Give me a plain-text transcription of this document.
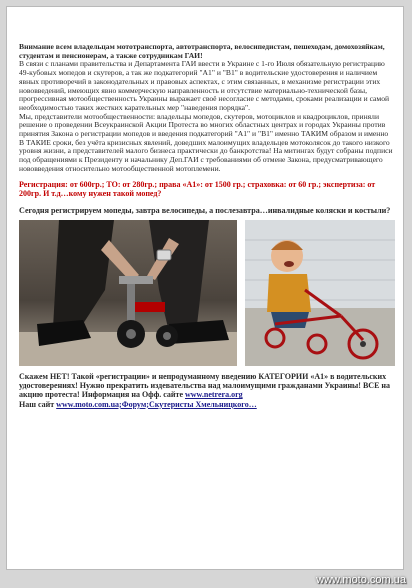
Внимание всем владельцам мототранспорта, автотранспорта, велосипедистам, пешеходам, домохозяйкам, студентам и пенсионерам, а также сотрудникам ГАИ!

В связи с планами правительства и Департамента ГАИ ввести в Украине с 1-го Июля обязательную регистрацию 49-кубовых мопедов и скутеров, а так же подкатегорий "A1" и "B1" в водительские удостоверения и наличием явных противоречий в законодательных и правовых аспектах, с этим связанных, в механизме регистрации этих нововведений, имеющих явно коммерческую направленность и отсутствие материально-технической базы, прогрессивная мотообщественность Украины выражает своё несогласие с методами, сроками реализации и самой необходимостью таких жестких карательных мер "наведения порядка".

Мы, представители мотообщественности: владельцы мопедов, скутеров, мотоциклов и квадроциклов, приняли решение о проведении Всеукраинской Акции Протеста во многих областных центрах и городах Украины против принятия Закона о регистрации мопедов и введения подкатегорий "A1" и "B1" именно ТАКИМ образом и именно В ТАКИЕ сроки, без учёта кризисных явлений, доведших малоимущих владельцев мотоколясок до такого низкого уровня жизни, а представителей малого бизнеса практически до банкротства! На митингах будут собраны подписи под обращениями к Президенту и начальнику Деп.ГАИ с требованиями об отмене Закона, предусматривающего нововведения относительно мотообщественной мотоплемени.

Регистрация: от 600гр.; ТО: от 280гр.; права «A1»: от 1500 гр.; страховка: от 60 гр.; экспертиза: от 200гр. И т.д…кому нужен такой мопед?

Сегодня регистрируем мопеды, завтра велосипеды, а послезавтра…инвалидные коляски и костыли?

Скажем НЕТ! Такой «регистрации» и непродуманному введению КАТЕГОРИИ «A1» в водительских удостоверениях! Нужно прекратить издевательства над малоимущими гражданами Украины! ВСЕ на акцию протеста! Информация на Офф. сайте www.netrera.org

Наш сайт www.moto.com.ua;Форум;Скутеристы Хмельницкого…

www.moto.com.ua
